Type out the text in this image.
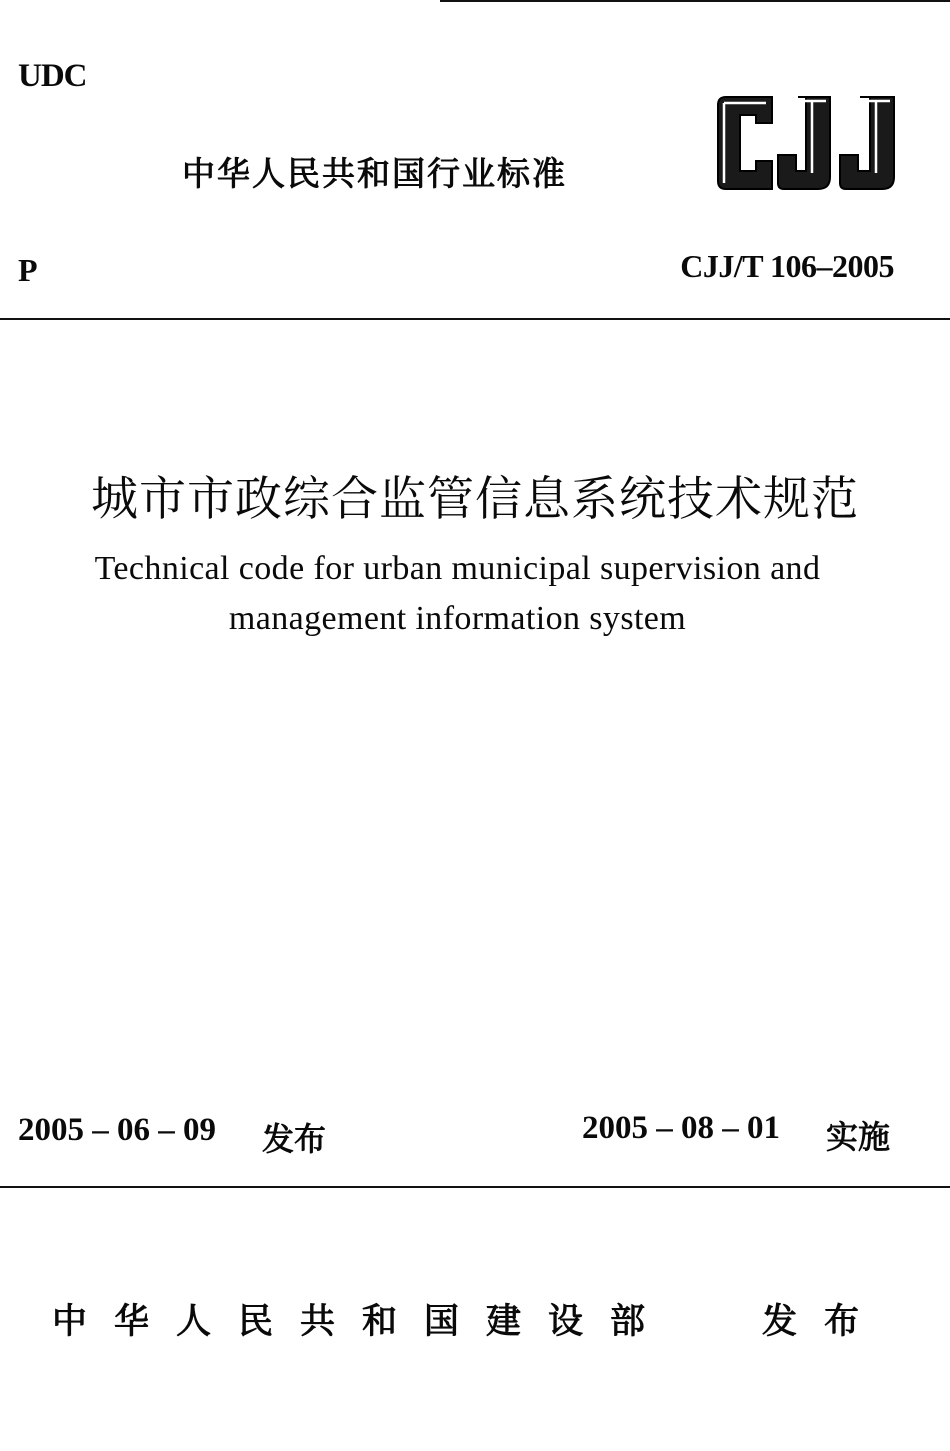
UDC
中华人民共和国行业标准
P	CJJ/T 106–2005
城市市政综合监管信息系统技术规范
Technical code for urban municipal supervision and
management information system
2005 – 06 – 09 发布	2005 – 08 – 01 实施
中华人民共和国建设部	发布
